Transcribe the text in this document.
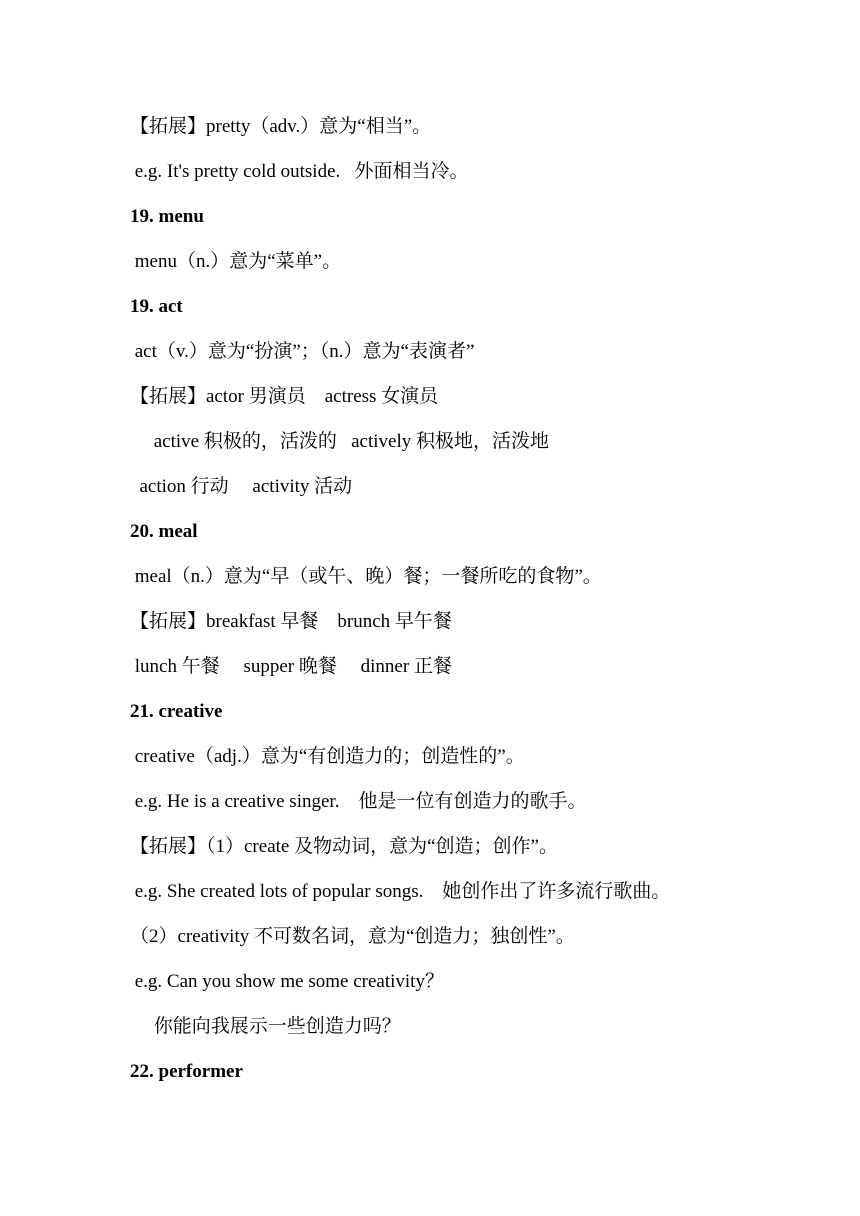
【拓展】pretty（adv.）意为“相当”。
e.g. It's pretty cold outside.   外面相当冷。
19. menu
menu（n.）意为“菜单”。
19. act
act（v.）意为“扮演”；（n.）意为“表演者”
【拓展】actor 男演员    actress 女演员
active 积极的，活泼的   actively 积极地，活泼地
action 行动     activity 活动
20. meal
meal（n.）意为“早（或午、晚）餐；一餐所吃的食物”。
【拓展】breakfast 早餐    brunch 早午餐
lunch 午餐     supper 晚餐     dinner 正餐
21. creative
creative（adj.）意为“有创造力的；创造性的”。
e.g. He is a creative singer.    他是一位有创造力的歌手。
【拓展】（1）create 及物动词，意为“创造；创作”。
e.g. She created lots of popular songs.    她创作出了许多流行歌曲。
（2）creativity 不可数名词，意为“创造力；独创性”。
e.g. Can you show me some creativity？
你能向我展示一些创造力吗？
22. performer
